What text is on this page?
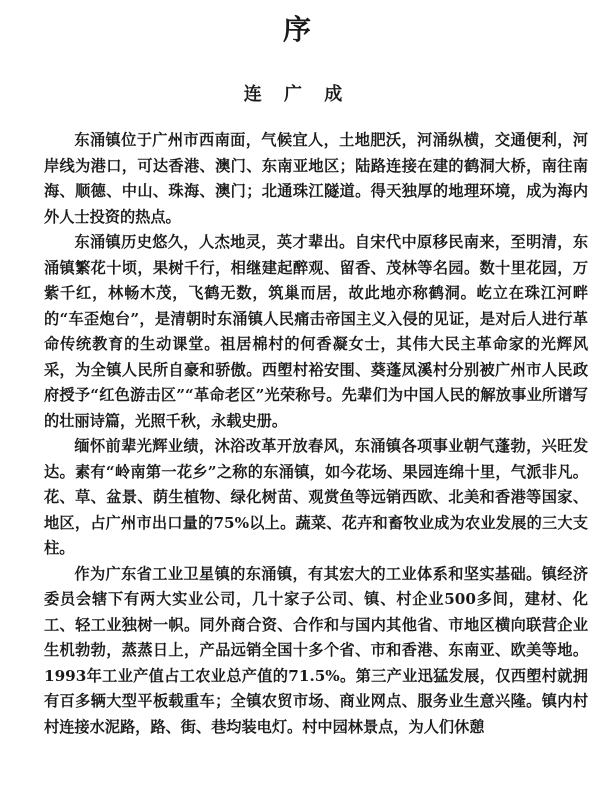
序
连 广 成

东涌镇位于广州市西南面，气候宜人，土地肥沃，河涌纵横，交通便利，河岸线为港口，可达香港、澳门、东南亚地区；陆路连接在建的鹤洞大桥，南往南海、顺德、中山、珠海、澳门；北通珠江隧道。得天独厚的地理环境，成为海内外人士投资的热点。

东涌镇历史悠久，人杰地灵，英才辈出。自宋代中原移民南来，至明清，东涌镇繁花十顷，果树千行，相继建起醉观、留香、茂林等名园。数十里花园，万紫千红，林畅木茂，飞鹤无数，筑巢而居，故此地亦称鹤洞。屹立在珠江河畔的“车歪炮台”，是清朝时东涌镇人民痛击帝国主义入侵的见证，是对后人进行革命传统教育的生动课堂。祖居棉村的何香凝女士，其伟大民主革命家的光辉风采，为全镇人民所自豪和骄傲。西塱村裕安围、葵蓬凤溪村分别被广州市人民政府授予“红色游击区”“革命老区”光荣称号。先辈们为中国人民的解放事业所谱写的壮丽诗篇，光照千秋，永载史册。

缅怀前辈光辉业绩，沐浴改革开放春风，东涌镇各项事业朝气蓬勃，兴旺发达。素有“岭南第一花乡”之称的东涌镇，如今花场、果园连绵十里，气派非凡。花、草、盆景、荫生植物、绿化树苗、观赏鱼等远销西欧、北美和香港等国家、地区，占广州市出口量的75%以上。蔬菜、花卉和畜牧业成为农业发展的三大支柱。

作为广东省工业卫星镇的东涌镇，有其宏大的工业体系和坚实基础。镇经济委员会辖下有两大实业公司，几十家子公司、镇、村企业500多间，建材、化工、轻工业独树一帜。同外商合资、合作和与国内其他省、市地区横向联营企业生机勃勃，蒸蒸日上，产品远销全国十多个省、市和香港、东南亚、欧美等地。1993年工业产值占工农业总产值的71.5%。第三产业迅猛发展，仅西塱村就拥有百多辆大型平板载重车；全镇农贸市场、商业网点、服务业生意兴隆。镇内村村连接水泥路，路、街、巷均装电灯。村中园林景点，为人们休憩
